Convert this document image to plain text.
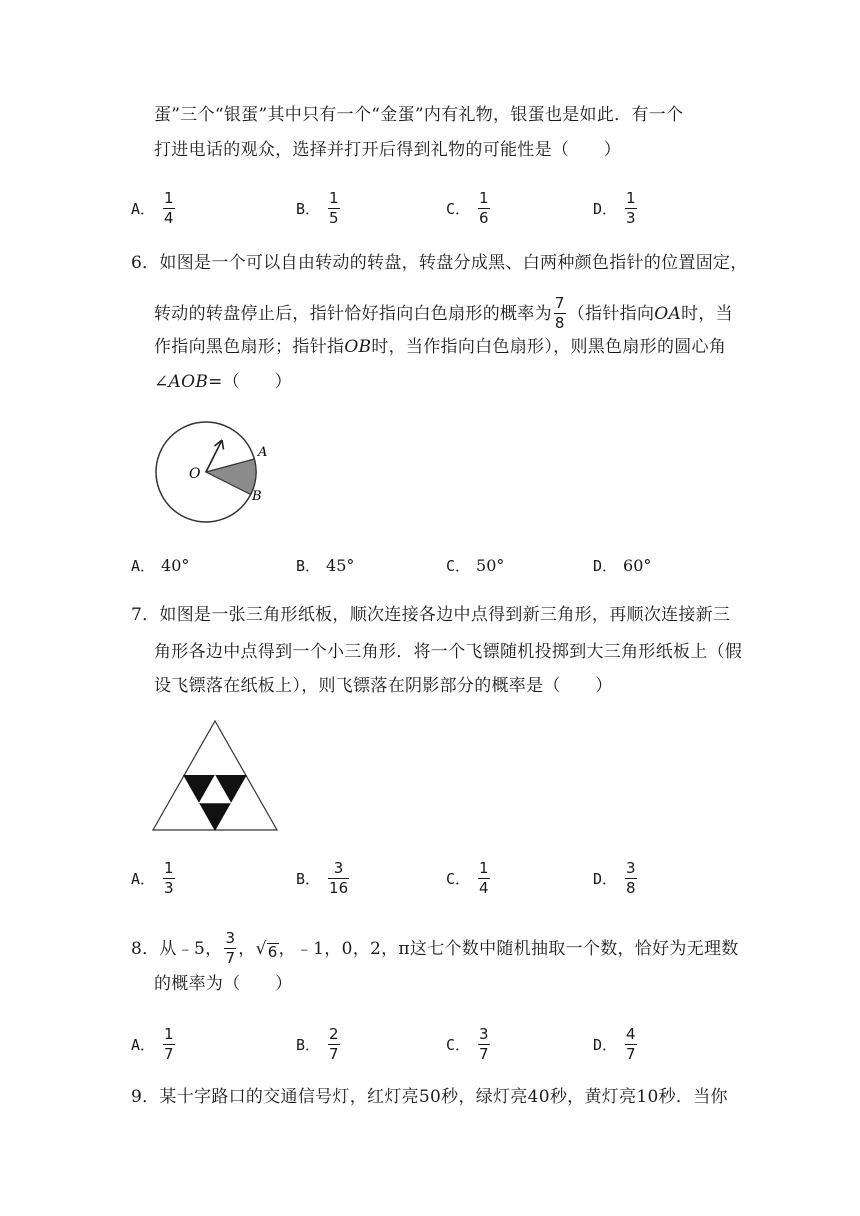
蛋”三个“银蛋”其中只有一个“金蛋”内有礼物，银蛋也是如此．有一个
打进电话的观众，选择并打开后得到礼物的可能性是（　　）
A． $\frac{1}{4}$	B． $\frac{1}{5}$	C． $\frac{1}{6}$	D． $\frac{1}{3}$
6．如图是一个可以自由转动的转盘，转盘分成黑、白两种颜色指针的位置固定，
转动的转盘停止后，指针恰好指向白色扇形的概率为 $\frac{7}{8}$ （指针指向 OA 时，当
作指向黑色扇形；指针指OB时，当作指向白色扇形），则黑色扇形的圆心角
∠AOB=（　　）
O
A
B
A． 40°	B． 45°	C． 50°	D． 60°
7．如图是一张三角形纸板，顺次连接各边中点得到新三角形，再顺次连接新三
角形各边中点得到一个小三角形．将一个飞镖随机投掷到大三角形纸板上（假
设飞镖落在纸板上），则飞镖落在阴影部分的概率是（　　）
A． $\frac{1}{3}$	B． $\frac{3}{16}$	C． $\frac{1}{4}$	D． $\frac{3}{8}$
8．从﹣5， $\frac{3}{7}$ ， √ 6 ，﹣1，0，2，π这七个数中随机抽取一个数，恰好为无理数
的概率为（　　）
A． $\frac{1}{7}$	B． $\frac{2}{7}$	C． $\frac{3}{7}$	D． $\frac{4}{7}$
9．某十字路口的交通信号灯，红灯亮50秒，绿灯亮40秒，黄灯亮10秒．当你
